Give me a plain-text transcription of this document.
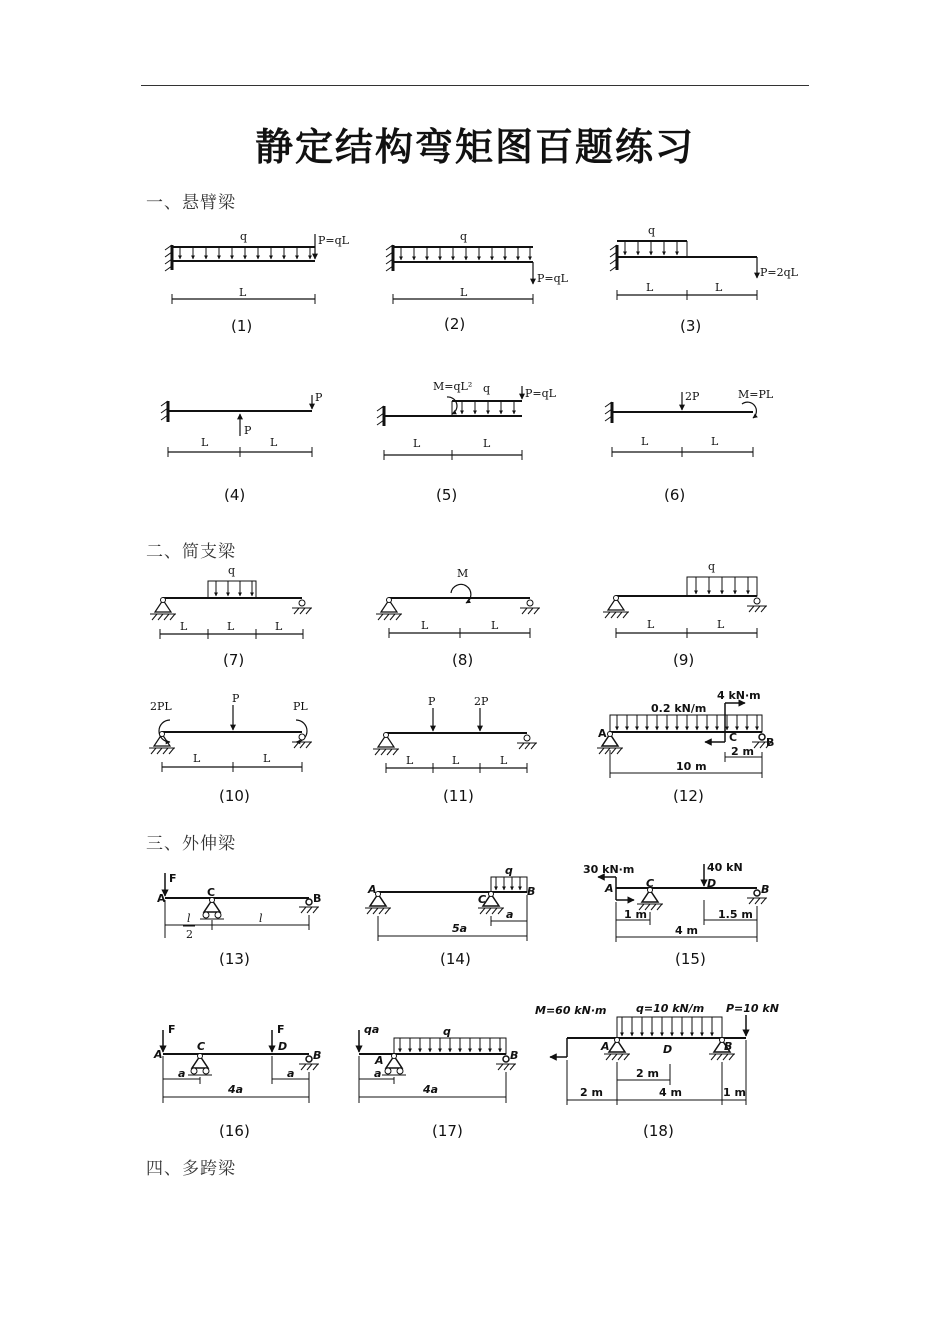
静定结构弯矩图百题练习
一、悬臂梁
二、简支梁
三、外伸梁
四、多跨梁
q	P=qL
L
(1)
q
P=qL
L
(2)
q
P=2qL
L	L
(3)
P
P
L	L
(4)
M=qL² q	P=qL
L	L
(5)
2P	M=PL
L	L
(6)
q
L	L	L
(7)
M
L	L
(8)
q
L	L
(9)
2PL
P
PL
L	L
(10)
P	2P
L	L	L
(11)
4 kN·m
0.2 kN/m
A	C	B
2 m
10 m
(12)
F
A	C	B
l
2
l
(13)
q
A
C
B
a
5a
(14)
30 kN·m	40 kN
A	C	D	B
1 m	1.5 m
4 m
(15)
F	F
A
C	D
B
a
4a
a
(16)
qa	q
A	B
a
4a
(17)
M=60 kN·m	q=10 kN/m P=10 kN
A	D	B
2 m
2 m	4 m	1 m
(18)
